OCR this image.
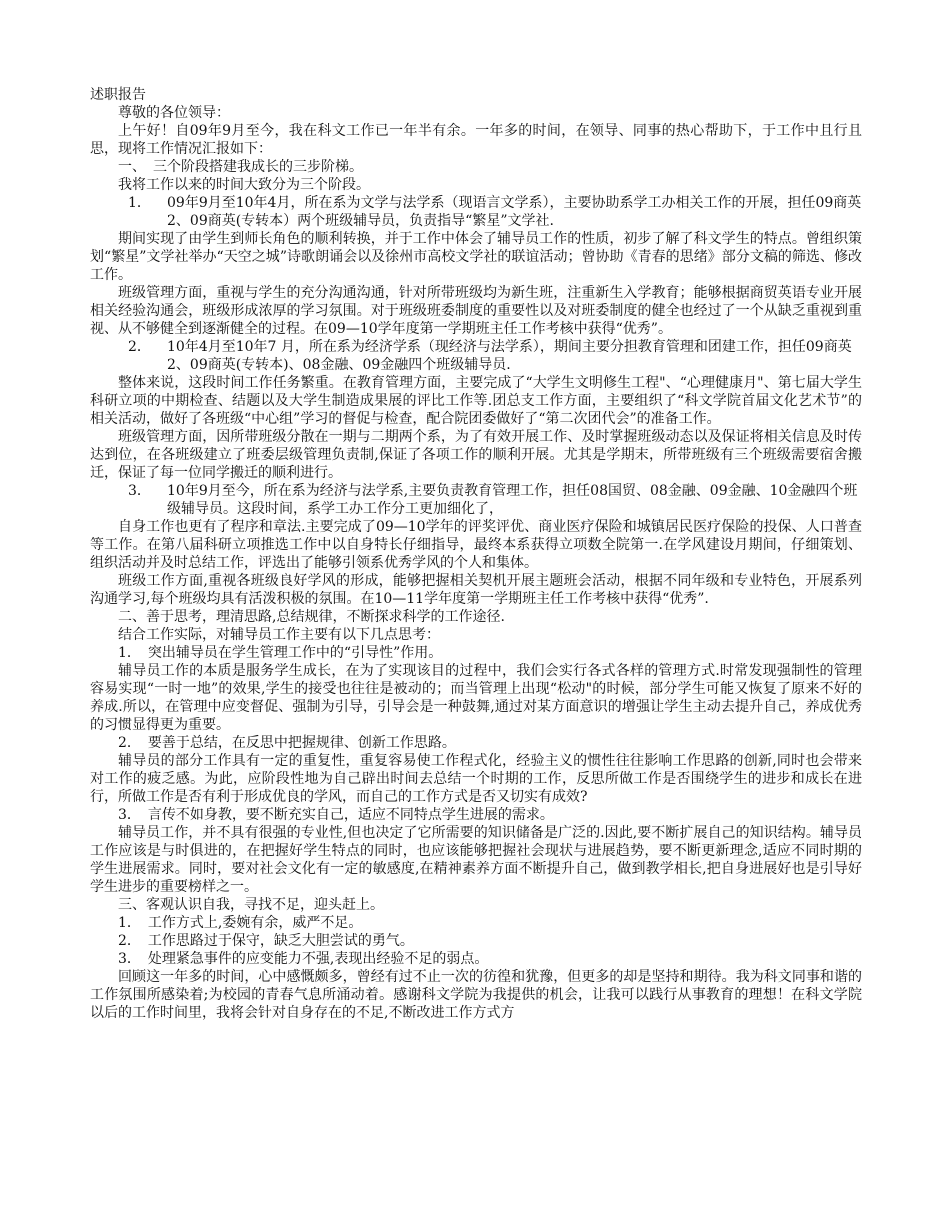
述职报告

尊敬的各位领导：

上午好！自09年9月至今，我在科文工作已一年半有余。一年多的时间，在领导、同事的热心帮助下，于工作中且行且思，现将工作情况汇报如下：

一、　三个阶段搭建我成长的三步阶梯。

我将工作以来的时间大致分为三个阶段。

1． 09年9月至10年4月，所在系为文学与法学系（现语言文学系），主要协助系学工办相关工作的开展，担任09商英2、09商英(专转本）两个班级辅导员，负责指导“繁星”文学社.

期间实现了由学生到师长角色的顺利转换，并于工作中体会了辅导员工作的性质，初步了解了科文学生的特点。曾组织策划“繁星”文学社举办“天空之城”诗歌朗诵会以及徐州市高校文学社的联谊活动；曾协助《青春的思绪》部分文稿的筛选、修改工作。

班级管理方面，重视与学生的充分沟通沟通，针对所带班级均为新生班，注重新生入学教育；能够根据商贸英语专业开展相关经验沟通会，班级形成浓厚的学习氛围。对于班级班委制度的重要性以及对班委制度的健全也经过了一个从缺乏重视到重视、从不够健全到逐渐健全的过程。在09—10学年度第一学期班主任工作考核中获得“优秀”。

2． 10年4月至10年7 月，所在系为经济学系（现经济与法学系），期间主要分担教育管理和团建工作，担任09商英2、09商英(专转本)、08金融、09金融四个班级辅导员.

整体来说，这段时间工作任务繁重。在教育管理方面，主要完成了“大学生文明修生工程"、“心理健康月"、第七届大学生科研立项的中期检查、结题以及大学生制造成果展的评比工作等.团总支工作方面，主要组织了“科文学院首届文化艺术节”的相关活动，做好了各班级“中心组”学习的督促与检查，配合院团委做好了“第二次团代会”的准备工作。

班级管理方面，因所带班级分散在一期与二期两个系，为了有效开展工作、及时掌握班级动态以及保证将相关信息及时传达到位，在各班级建立了班委层级管理负责制,保证了各项工作的顺利开展。尤其是学期末，所带班级有三个班级需要宿舍搬迁，保证了每一位同学搬迁的顺利进行。

3． 10年9月至今，所在系为经济与法学系,主要负责教育管理工作，担任08国贸、08金融、09金融、10金融四个班级辅导员。这段时间，系学工办工作分工更加细化了，

自身工作也更有了程序和章法.主要完成了09—10学年的评奖评优、商业医疗保险和城镇居民医疗保险的投保、人口普查等工作。在第八届科研立项推选工作中以自身特长仔细指导，最终本系获得立项数全院第一.在学风建设月期间，仔细策划、组织活动并及时总结工作，评选出了能够引领系优秀学风的个人和集体。

班级工作方面,重视各班级良好学风的形成，能够把握相关契机开展主题班会活动，根据不同年级和专业特色，开展系列沟通学习,每个班级均具有活泼积极的氛围。在10—11学年度第一学期班主任工作考核中获得“优秀”.

二、善于思考，理清思路,总结规律，不断探求科学的工作途径.

结合工作实际，对辅导员工作主要有以下几点思考：

1．　 突出辅导员在学生管理工作中的“引导性”作用。

辅导员工作的本质是服务学生成长，在为了实现该目的过程中，我们会实行各式各样的管理方式.时常发现强制性的管理容易实现“一时一地”的效果,学生的接受也往往是被动的；而当管理上出现“松动"的时候，部分学生可能又恢复了原来不好的养成.所以，在管理中应变督促、强制为引导，引导会是一种鼓舞,通过对某方面意识的增强让学生主动去提升自己，养成优秀的习惯显得更为重要。

2．　 要善于总结，在反思中把握规律、创新工作思路。

辅导员的部分工作具有一定的重复性，重复容易使工作程式化，经验主义的惯性往往影响工作思路的创新,同时也会带来对工作的疲乏感。为此，应阶段性地为自己辟出时间去总结一个时期的工作，反思所做工作是否围绕学生的进步和成长在进行，所做工作是否有利于形成优良的学风，而自己的工作方式是否又切实有成效?

3．　 言传不如身教，要不断充实自己，适应不同特点学生进展的需求。

辅导员工作，并不具有很强的专业性,但也决定了它所需要的知识储备是广泛的.因此,要不断扩展自己的知识结构。辅导员工作应该是与时俱进的，在把握好学生特点的同时，也应该能够把握社会现状与进展趋势，要不断更新理念,适应不同时期的学生进展需求。同时，要对社会文化有一定的敏感度,在精神素养方面不断提升自己，做到教学相长,把自身进展好也是引导好学生进步的重要榜样之一。

三、客观认识自我，寻找不足，迎头赶上。

1．　 工作方式上,委婉有余，威严不足。

2．　 工作思路过于保守，缺乏大胆尝试的勇气。

3．　 处理紧急事件的应变能力不强,表现出经验不足的弱点。

回顾这一年多的时间，心中感慨颇多，曾经有过不止一次的彷徨和犹豫，但更多的却是坚持和期待。我为科文同事和谐的工作氛围所感染着;为校园的青春气息所涌动着。感谢科文学院为我提供的机会，让我可以践行从事教育的理想！在科文学院以后的工作时间里，我将会针对自身存在的不足,不断改进工作方式方
